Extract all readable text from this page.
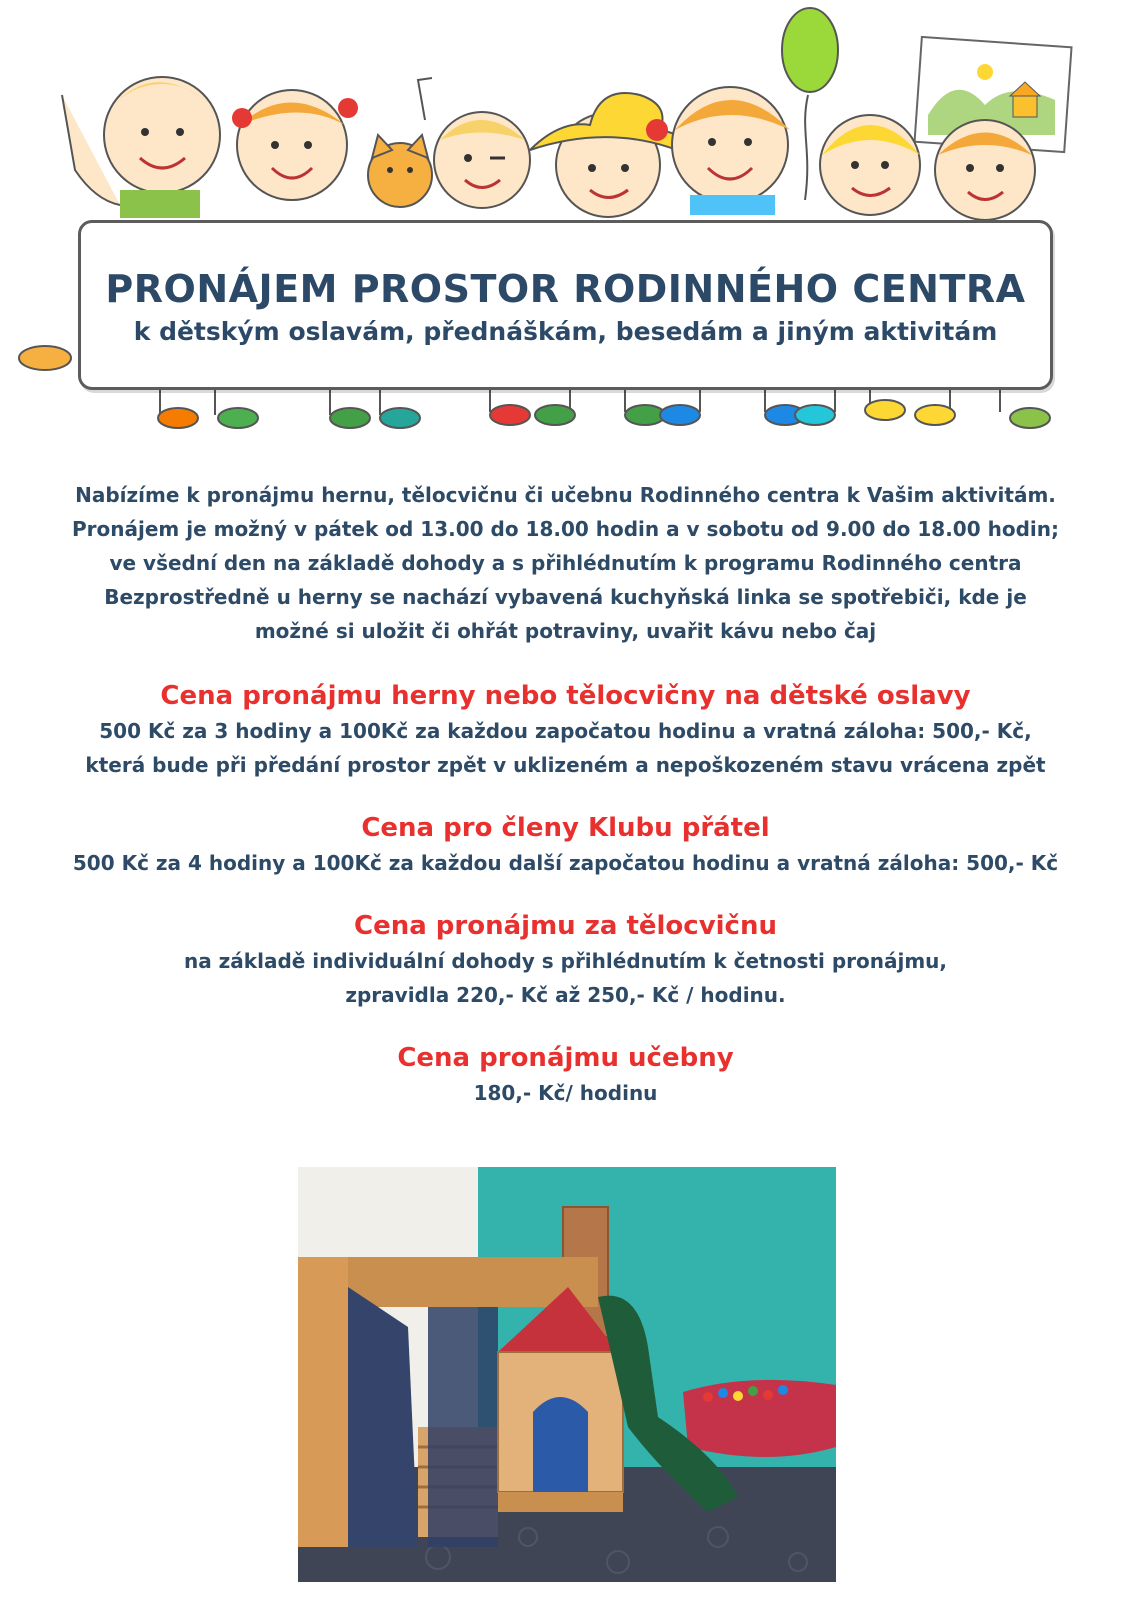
PRONÁJEM PROSTOR RODINNÉHO CENTRA
k dětským oslavám, přednáškám, besedám a jiným aktivitám

Nabízíme k pronájmu hernu, tělocvičnu či učebnu Rodinného centra k Vašim aktivitám.

Pronájem je možný v pátek od 13.00 do 18.00 hodin a v sobotu od 9.00 do 18.00 hodin;

ve všední den na základě dohody a s přihlédnutím k programu Rodinného centra

Bezprostředně u herny se nachází vybavená kuchyňská linka se spotřebiči, kde je

možné si uložit či ohřát potraviny, uvařit kávu nebo čaj

Cena pronájmu herny nebo tělocvičny na dětské oslavy

500 Kč za 3 hodiny a 100Kč za každou započatou hodinu a vratná záloha: 500,- Kč,

která bude při předání prostor zpět v uklizeném a nepoškozeném stavu vrácena zpět

Cena pro členy Klubu přátel

500 Kč za 4 hodiny a 100Kč za každou další započatou hodinu a vratná záloha: 500,- Kč

Cena pronájmu za tělocvičnu

na základě individuální dohody s přihlédnutím k četnosti pronájmu,

zpravidla 220,- Kč až 250,- Kč / hodinu.

Cena pronájmu učebny

180,- Kč/ hodinu
